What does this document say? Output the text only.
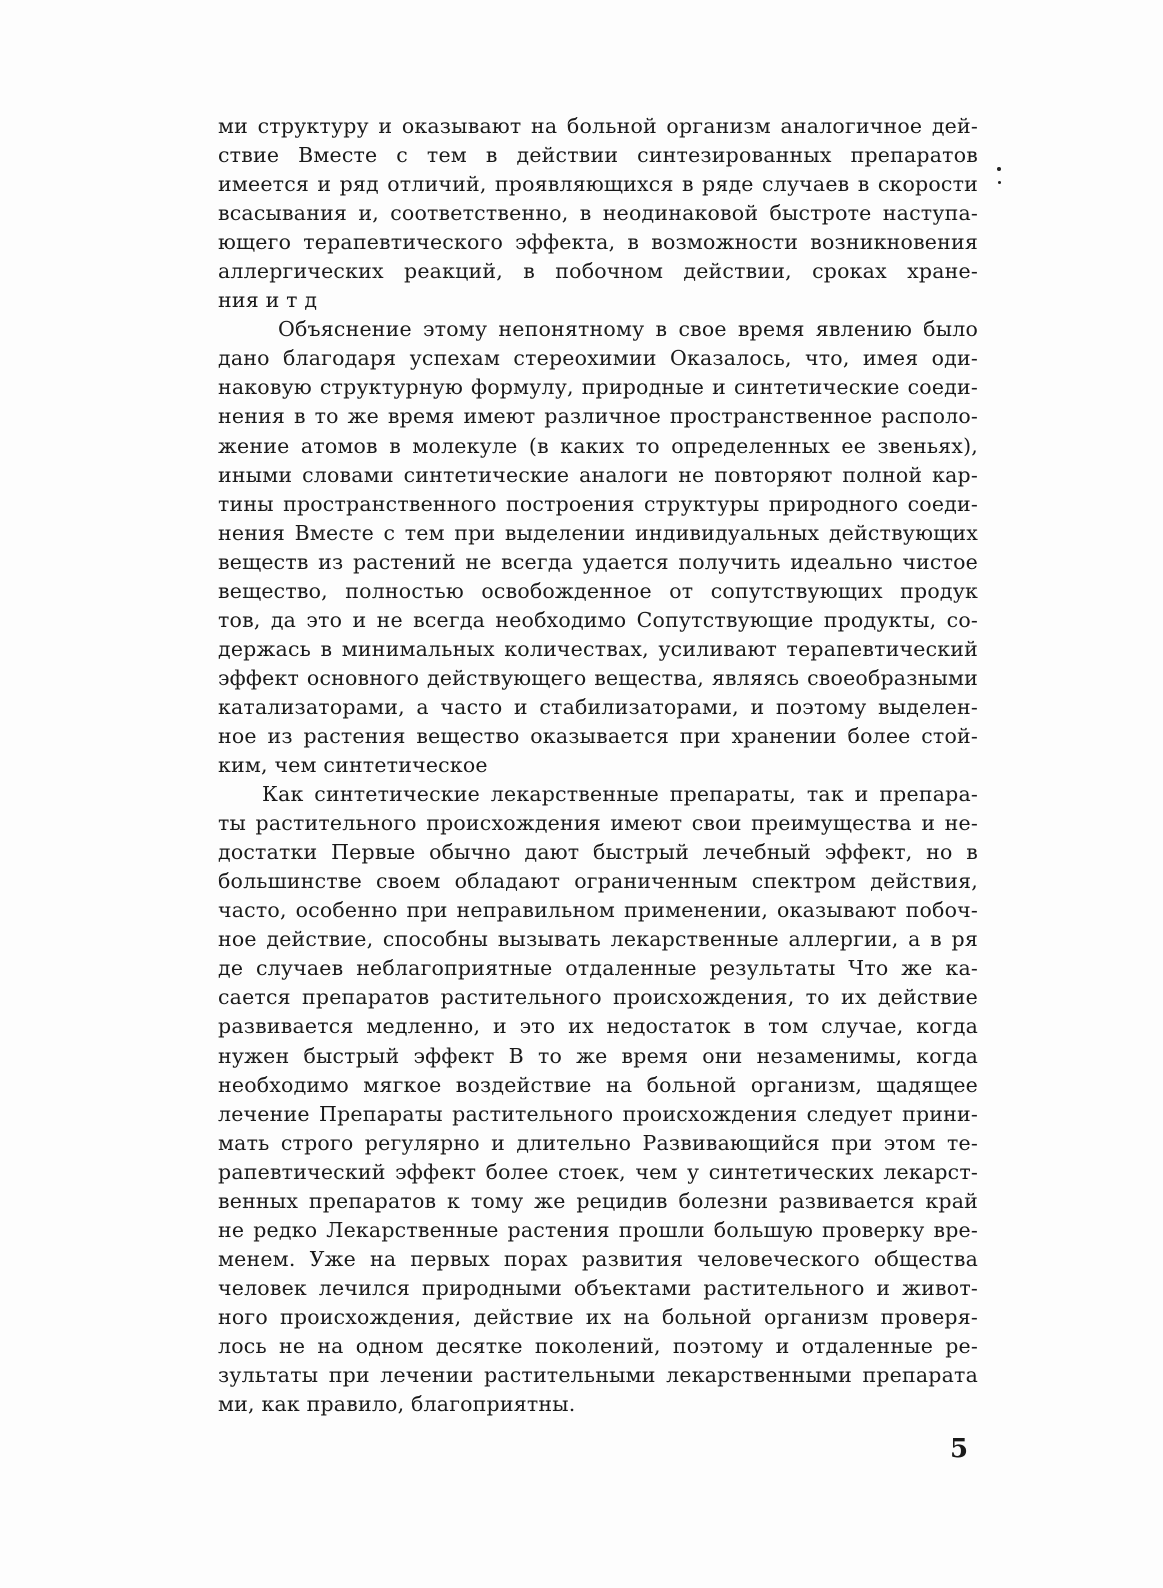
ми структуру и оказывают на больной организм аналогичное дей-
ствие Вместе с тем в действии синтезированных препаратов
имеется и ряд отличий, проявляющихся в ряде случаев в скорости
всасывания и, соответственно, в неодинаковой быстроте наступа-
ющего терапевтического эффекта, в возможности возникновения
аллергических реакций, в побочном действии, сроках хране-
ния и т д
Объяснение этому непонятному в свое время явлению было
дано благодаря успехам стереохимии Оказалось, что, имея оди-
наковую структурную формулу, природные и синтетические соеди-
нения в то же время имеют различное пространственное располо-
жение атомов в молекуле (в каких то определенных ее звеньях),
иными словами синтетические аналоги не повторяют полной кар-
тины пространственного построения структуры природного соеди-
нения Вместе с тем при выделении индивидуальных действующих
веществ из растений не всегда удается получить идеально чистое
вещество, полностью освобожденное от сопутствующих продук
тов, да это и не всегда необходимо Сопутствующие продукты, со-
держась в минимальных количествах, усиливают терапевтический
эффект основного действующего вещества, являясь своеобразными
катализаторами, а часто и стабилизаторами, и поэтому выделен-
ное из растения вещество оказывается при хранении более стой-
ким, чем синтетическое
Как синтетические лекарственные препараты, так и препара-
ты растительного происхождения имеют свои преимущества и не-
достатки Первые обычно дают быстрый лечебный эффект, но в
большинстве своем обладают ограниченным спектром действия,
часто, особенно при неправильном применении, оказывают побоч-
ное действие, способны вызывать лекарственные аллергии, а в ря
де случаев неблагоприятные отдаленные результаты Что же ка-
сается препаратов растительного происхождения, то их действие
развивается медленно, и это их недостаток в том случае, когда
нужен быстрый эффект В то же время они незаменимы, когда
необходимо мягкое воздействие на больной организм, щадящее
лечение Препараты растительного происхождения следует прини-
мать строго регулярно и длительно Развивающийся при этом те-
рапевтический эффект более стоек, чем у синтетических лекарст-
венных препаратов к тому же рецидив болезни развивается край
не редко Лекарственные растения прошли большую проверку вре-
менем. Уже на первых порах развития человеческого общества
человек лечился природными объектами растительного и живот-
ного происхождения, действие их на больной организм проверя-
лось не на одном десятке поколений, поэтому и отдаленные ре-
зультаты при лечении растительными лекарственными препарата
ми, как правило, благоприятны.
5
